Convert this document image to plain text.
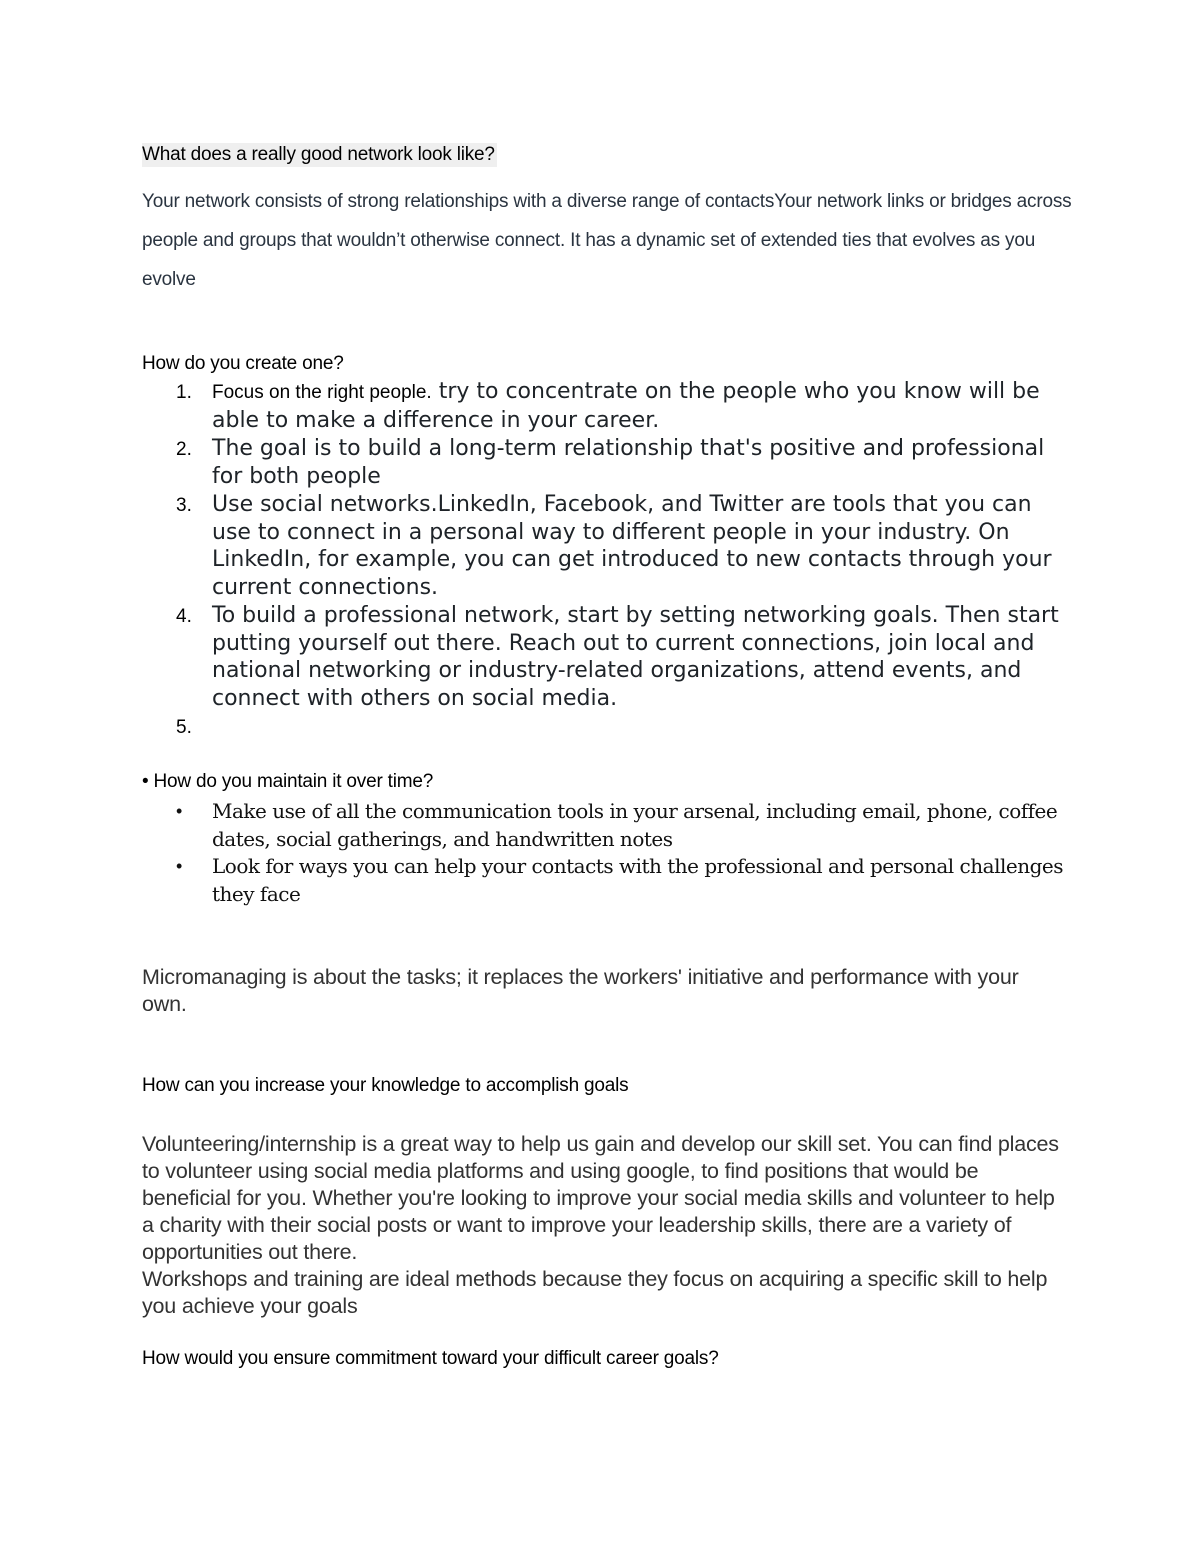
What does a really good network look like?
Your network consists of strong relationships with a diverse range of contactsYour network links or bridges across people and groups that wouldn’t otherwise connect. It has a dynamic set of extended ties that evolves as you evolve
How do you create one?
1. Focus on the right people. try to concentrate on the people who you know will be able to make a difference in your career.
2. The goal is to build a long-term relationship that's positive and professional for both people
3. Use social networks.LinkedIn, Facebook, and Twitter are tools that you can use to connect in a personal way to different people in your industry. On LinkedIn, for example, you can get introduced to new contacts through your current connections.
4. To build a professional network, start by setting networking goals. Then start putting yourself out there. Reach out to current connections, join local and national networking or industry-related organizations, attend events, and connect with others on social media.
5.
• How do you maintain it over time?
• Make use of all the communication tools in your arsenal, including email, phone, coffee dates, social gatherings, and handwritten notes
• Look for ways you can help your contacts with the professional and personal challenges they face
Micromanaging is about the tasks; it replaces the workers' initiative and performance with your own.
How can you increase your knowledge to accomplish goals
Volunteering/internship is a great way to help us gain and develop our skill set. You can find places to volunteer using social media platforms and using google, to find positions that would be beneficial for you. Whether you're looking to improve your social media skills and volunteer to help a charity with their social posts or want to improve your leadership skills, there are a variety of opportunities out there.
Workshops and training are ideal methods because they focus on acquiring a specific skill to help you achieve your goals
How would you ensure commitment toward your difficult career goals?
